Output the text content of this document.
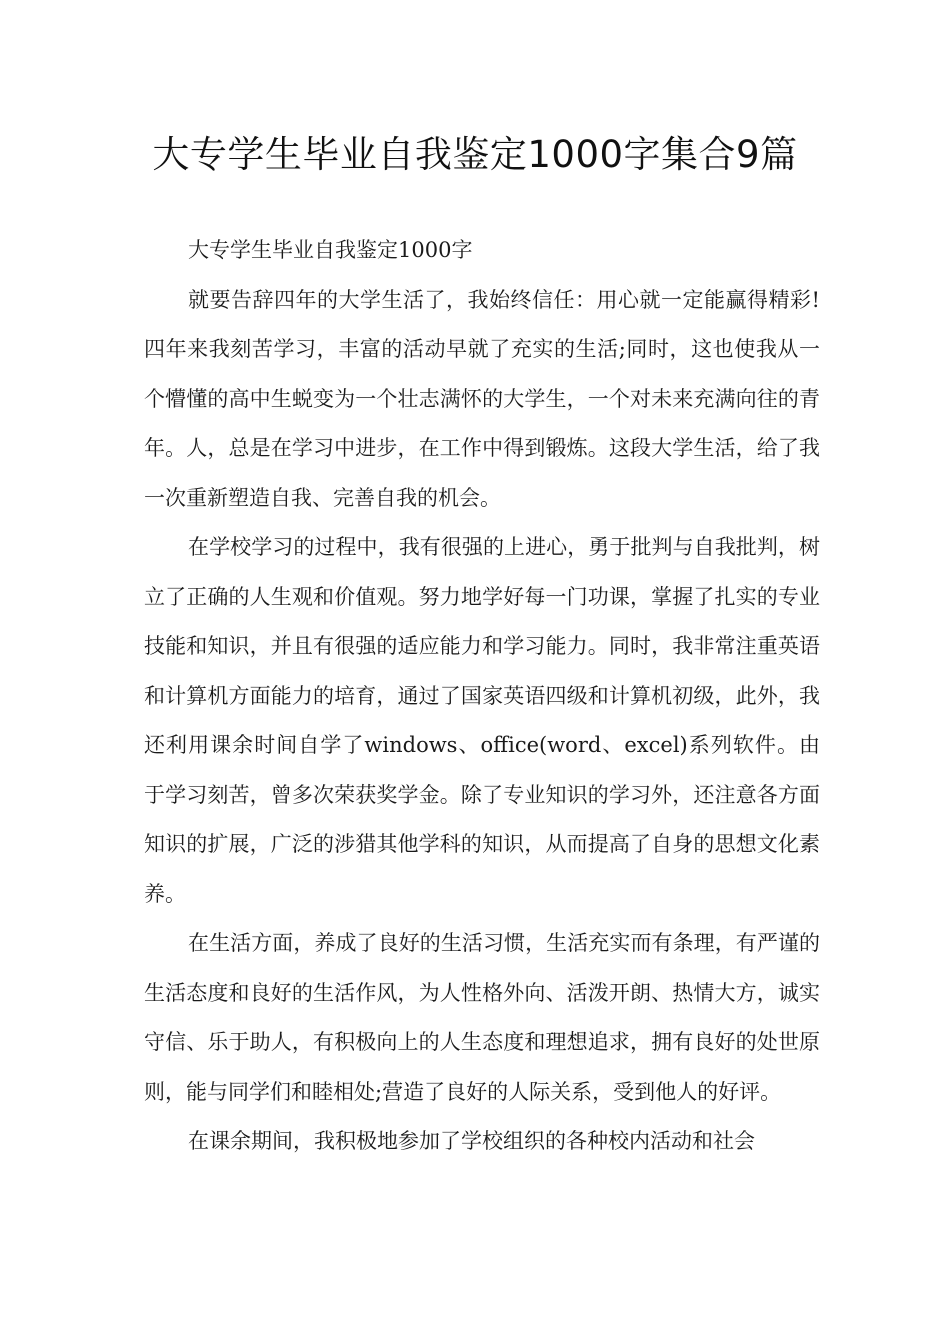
大专学生毕业自我鉴定1000字集合9篇

大专学生毕业自我鉴定1000字

就要告辞四年的大学生活了，我始终信任：用心就一定能赢得精彩!四年来我刻苦学习，丰富的活动早就了充实的生活;同时，这也使我从一个懵懂的高中生蜕变为一个壮志满怀的大学生，一个对未来充满向往的青年。人，总是在学习中进步，在工作中得到锻炼。这段大学生活，给了我一次重新塑造自我、完善自我的机会。

在学校学习的过程中，我有很强的上进心，勇于批判与自我批判，树立了正确的人生观和价值观。努力地学好每一门功课，掌握了扎实的专业技能和知识，并且有很强的适应能力和学习能力。同时，我非常注重英语和计算机方面能力的培育，通过了国家英语四级和计算机初级，此外，我还利用课余时间自学了windows、office(word、excel)系列软件。由于学习刻苦，曾多次荣获奖学金。除了专业知识的学习外，还注意各方面知识的扩展，广泛的涉猎其他学科的知识，从而提高了自身的思想文化素养。

在生活方面，养成了良好的生活习惯，生活充实而有条理，有严谨的生活态度和良好的生活作风，为人性格外向、活泼开朗、热情大方，诚实守信、乐于助人，有积极向上的人生态度和理想追求，拥有良好的处世原则，能与同学们和睦相处;营造了良好的人际关系，受到他人的好评。

在课余期间，我积极地参加了学校组织的各种校内活动和社会
